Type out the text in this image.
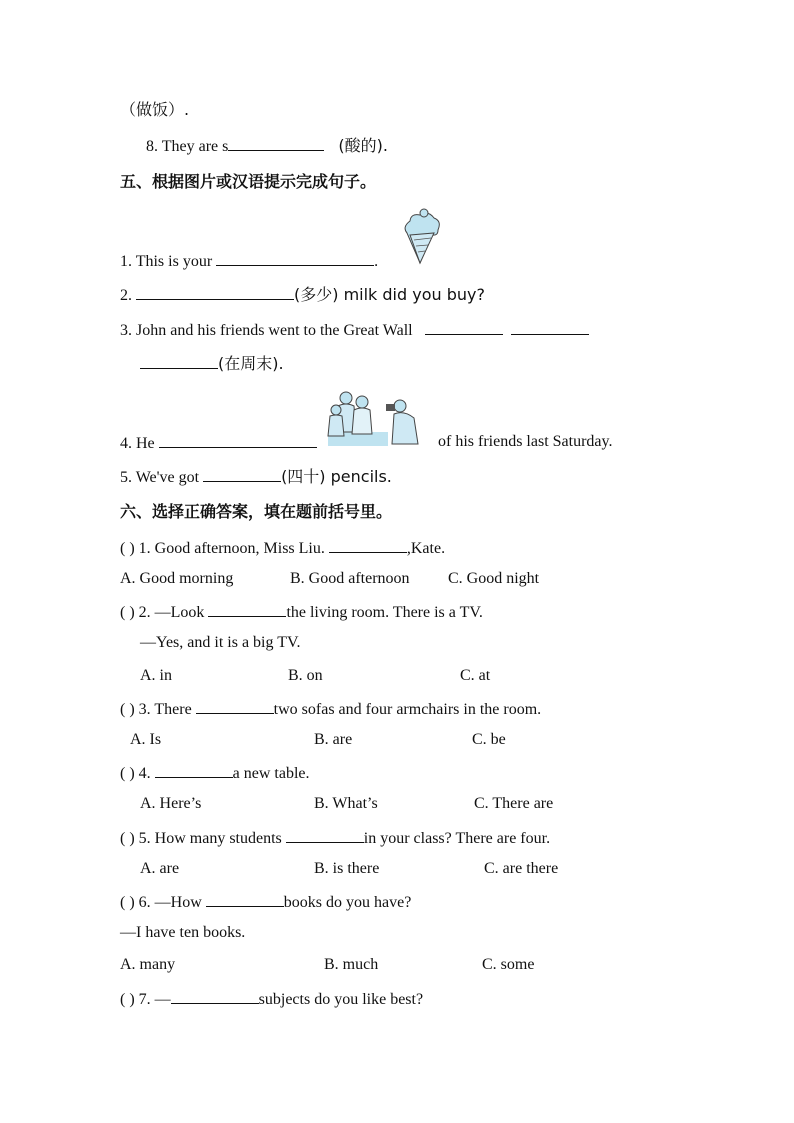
（做饭）.
8. They are s	(酸的).
五、根据图片或汉语提示完成句子。
1. This is your	.
2.	(多少) milk did you buy?
3. John and his friends went to the Great Wall
(在周末).
4. He	of his friends last Saturday.
5. We've got	(四十) pencils.
六、选择正确答案，填在题前括号里。
( ) 1. Good afternoon, Miss Liu.	,Kate.
A. Good morning	B. Good afternoon C. Good night
( ) 2. —Look	the living room. There is a TV.
—Yes, and it is a big TV.
A. in	B. on	C. at
( ) 3. There	two sofas and four armchairs in the room.
A. Is	B. are	C. be
( ) 4.	a new table.
A. Here’s	B. What’s	C. There are
( ) 5. How many students	in your class? There are four.
A. are	B. is there	C. are there
( ) 6. —How	books do you have?
—I have ten books.
A. many	B. much	C. some
( ) 7. —	subjects do you like best?
